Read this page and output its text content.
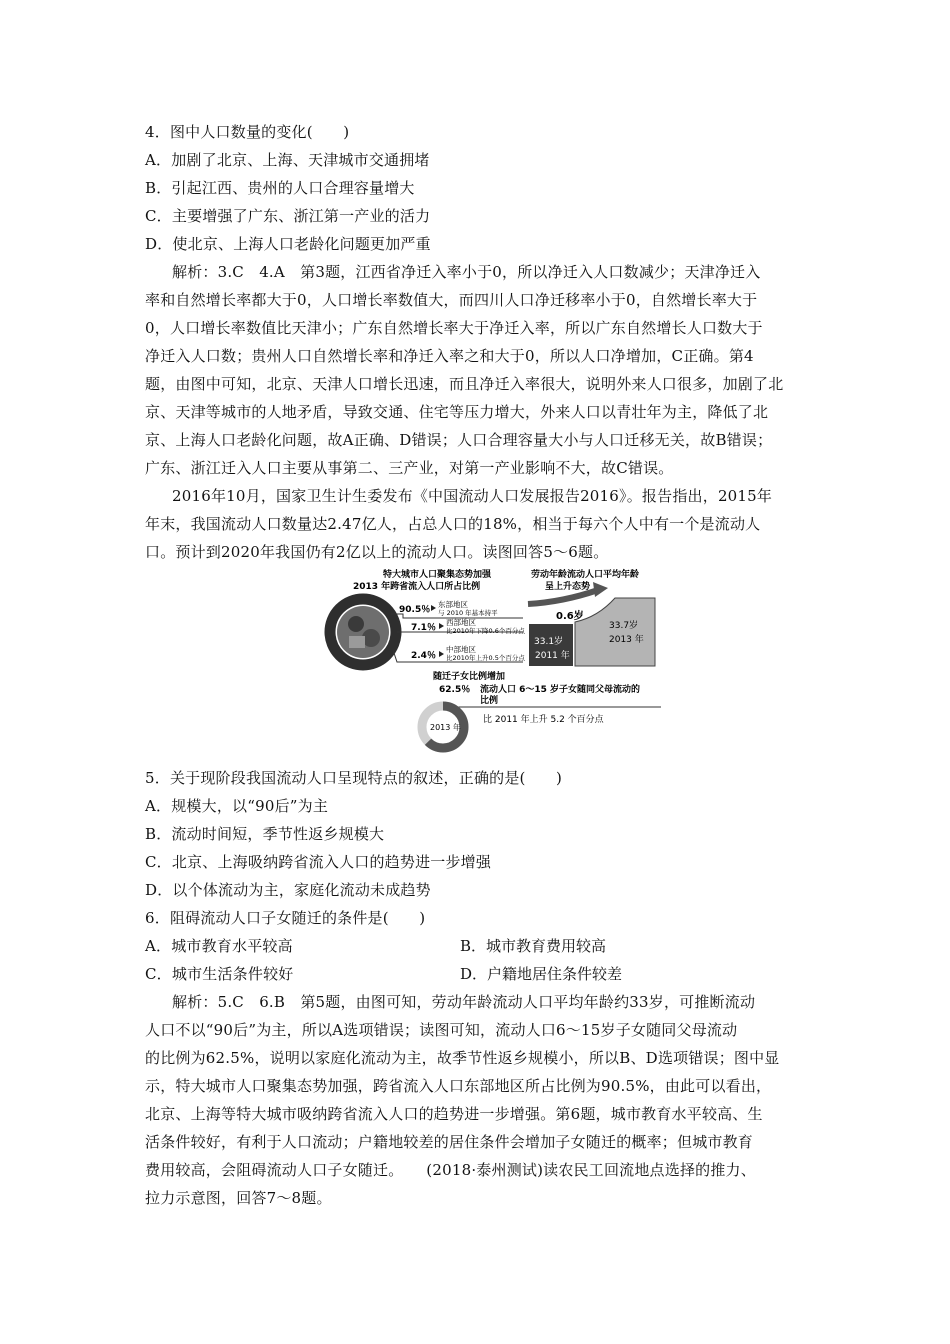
4．图中人口数量的变化(　　)
A．加剧了北京、上海、天津城市交通拥堵
B．引起江西、贵州的人口合理容量增大
C．主要增强了广东、浙江第一产业的活力
D．使北京、上海人口老龄化问题更加严重
解析：3.C　4.A　第3题，江西省净迁入率小于0，所以净迁入人口数减少；天津净迁入
率和自然增长率都大于0，人口增长率数值大，而四川人口净迁移率小于0，自然增长率大于
0，人口增长率数值比天津小；广东自然增长率大于净迁入率，所以广东自然增长人口数大于
净迁入人口数；贵州人口自然增长率和净迁入率之和大于0，所以人口净增加，C正确。第4
题，由图中可知，北京、天津人口增长迅速，而且净迁入率很大，说明外来人口很多，加剧了北
京、天津等城市的人地矛盾，导致交通、住宅等压力增大，外来人口以青壮年为主，降低了北
京、上海人口老龄化问题，故A正确、D错误；人口合理容量大小与人口迁移无关，故B错误；
广东、浙江迁入人口主要从事第二、三产业，对第一产业影响不大，故C错误。
2016年10月，国家卫生计生委发布《中国流动人口发展报告2016》。报告指出，2015年
年末，我国流动人口数量达2.47亿人，占总人口的18%，相当于每六个人中有一个是流动人
口。预计到2020年我国仍有2亿以上的流动人口。读图回答5～6题。
特大城市人口聚集态势加强
2013 年跨省流入人口所占比例
90.5％
东部地区
与 2010 年基本持平
7.1％
西部地区
比2010年下降0.6个百分点
2.4％
中部地区
比2010年上升0.5个百分点
劳动年龄流动人口平均年龄
呈上升态势
0.6岁
33.1岁
2011 年
33.7岁
2013 年
随迁子女比例增加
62.5％ 流动人口 6～15 岁子女随同父母流动的
比例
2013 年
比 2011 年上升 5.2 个百分点
5．关于现阶段我国流动人口呈现特点的叙述，正确的是(　　)
A．规模大，以“90后”为主
B．流动时间短，季节性返乡规模大
C．北京、上海吸纳跨省流入人口的趋势进一步增强
D．以个体流动为主，家庭化流动未成趋势
6．阻碍流动人口子女随迁的条件是(　　)
A．城市教育水平较高	B．城市教育费用较高
C．城市生活条件较好	D．户籍地居住条件较差
解析：5.C　6.B　第5题，由图可知，劳动年龄流动人口平均年龄约33岁，可推断流动
人口不以“90后”为主，所以A选项错误；读图可知，流动人口6～15岁子女随同父母流动
的比例为62.5%，说明以家庭化流动为主，故季节性返乡规模小，所以B、D选项错误；图中显
示，特大城市人口聚集态势加强，跨省流入人口东部地区所占比例为90.5%，由此可以看出，
北京、上海等特大城市吸纳跨省流入人口的趋势进一步增强。第6题，城市教育水平较高、生
活条件较好，有利于人口流动；户籍地较差的居住条件会增加子女随迁的概率；但城市教育
费用较高，会阻碍流动人口子女随迁。　　(2018·泰州测试)读农民工回流地点选择的推力、
拉力示意图，回答7～8题。
